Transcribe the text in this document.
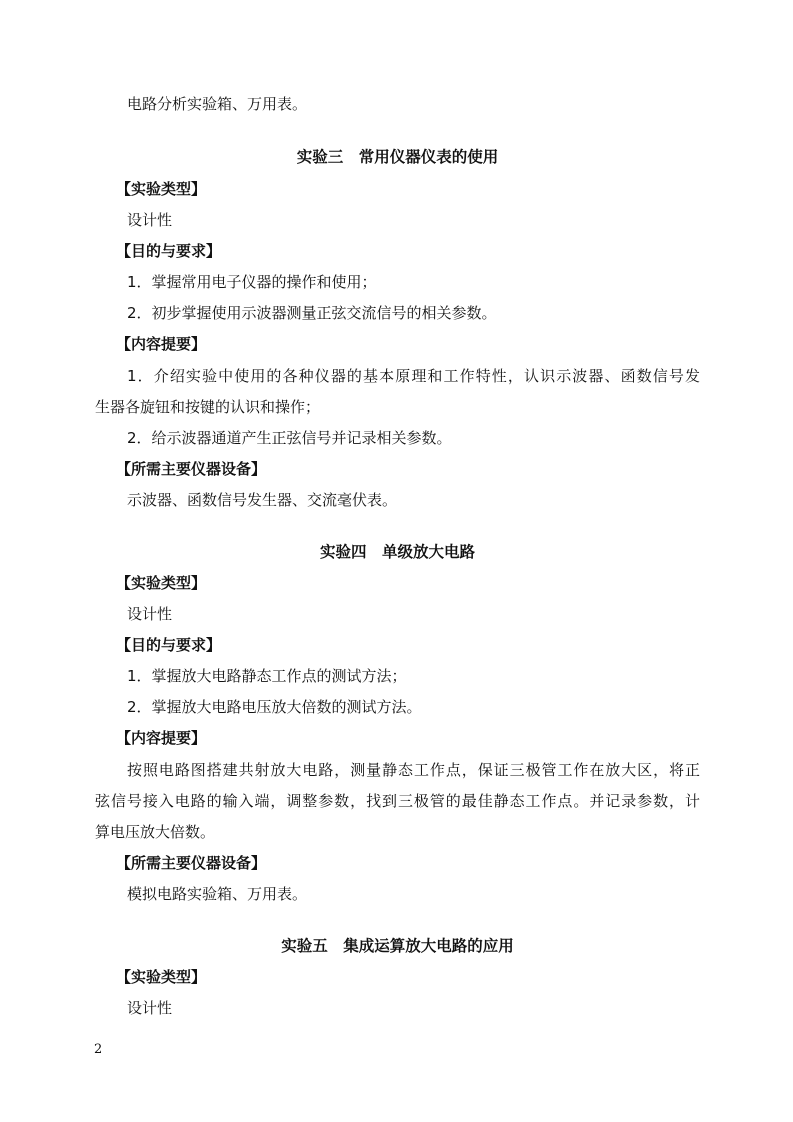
电路分析实验箱、万用表。
实验三　常用仪器仪表的使用
【实验类型】
设计性
【目的与要求】
1．掌握常用电子仪器的操作和使用；
2．初步掌握使用示波器测量正弦交流信号的相关参数。
【内容提要】
1．介绍实验中使用的各种仪器的基本原理和工作特性，认识示波器、函数信号发
生器各旋钮和按键的认识和操作；
2．给示波器通道产生正弦信号并记录相关参数。
【所需主要仪器设备】
示波器、函数信号发生器、交流毫伏表。
实验四　单级放大电路
【实验类型】
设计性
【目的与要求】
1．掌握放大电路静态工作点的测试方法；
2．掌握放大电路电压放大倍数的测试方法。
【内容提要】
按照电路图搭建共射放大电路，测量静态工作点，保证三极管工作在放大区，将正
弦信号接入电路的输入端，调整参数，找到三极管的最佳静态工作点。并记录参数，计
算电压放大倍数。
【所需主要仪器设备】
模拟电路实验箱、万用表。
实验五　集成运算放大电路的应用
【实验类型】
设计性
2
